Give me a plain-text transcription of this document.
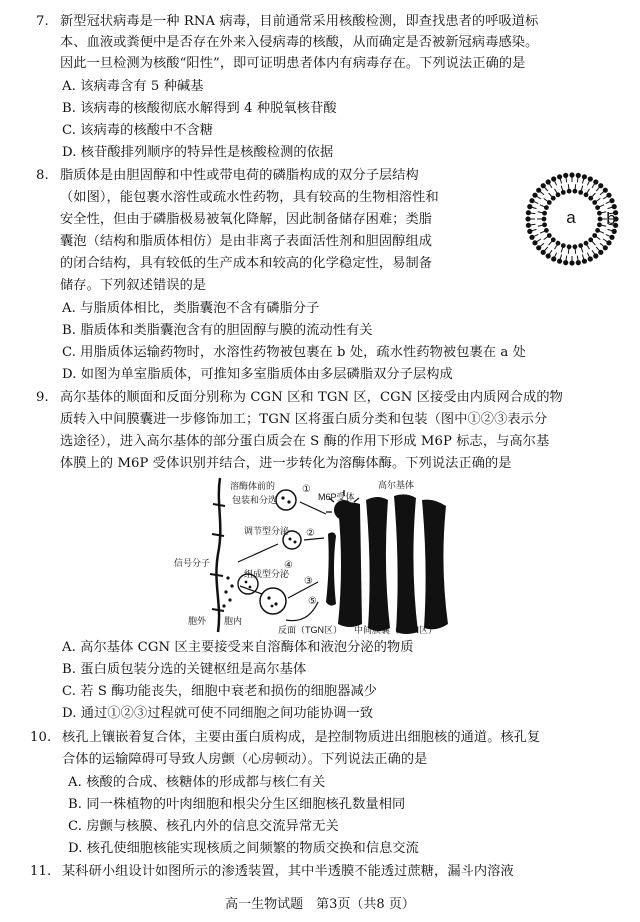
7. 新型冠状病毒是一种 RNA 病毒，目前通常采用核酸检测，即查找患者的呼吸道标
本、血液或粪便中是否存在外来入侵病毒的核酸，从而确定是否被新冠病毒感染。
因此一旦检测为核酸“阳性”，即可证明患者体内有病毒存在。下列说法正确的是
A. 该病毒含有 5 种碱基
B. 该病毒的核酸彻底水解得到 4 种脱氧核苷酸
C. 该病毒的核酸中不含糖
D. 核苷酸排列顺序的特异性是核酸检测的依据
8. 脂质体是由胆固醇和中性或带电荷的磷脂构成的双分子层结构
（如图），能包裹水溶性或疏水性药物，具有较高的生物相溶性和
安全性，但由于磷脂极易被氧化降解，因此制备储存困难；类脂
囊泡（结构和脂质体相仿）是由非离子表面活性剂和胆固醇组成
的闭合结构，具有较低的生产成本和较高的化学稳定性，易制备
储存。下列叙述错误的是
a b
A. 与脂质体相比，类脂囊泡不含有磷脂分子
B. 脂质体和类脂囊泡含有的胆固醇与膜的流动性有关
C. 用脂质体运输药物时，水溶性药物被包裹在 b 处，疏水性药物被包裹在 a 处
D. 如图为单室脂质体，可推知多室脂质体由多层磷脂双分子层构成
9. 高尔基体的顺面和反面分别称为 CGN 区和 TGN 区，CGN 区接受由内质网合成的物
质转入中间膜囊进一步修饰加工；TGN 区将蛋白质分类和包装（图中①②③表示分
选途径），进入高尔基体的部分蛋白质会在 S 酶的作用下形成 M6P 标志，与高尔基
体膜上的 M6P 受体识别并结合，进一步转化为溶酶体酶。下列说法正确的是
溶酶体前的
包装和分选	M6P受体
高尔基体
调节型分泌
信号分子
组成型分泌
胞外 胞内
①
②
③
④
⑤
反面（TGN区） 中间膜囊（CGN区）
A. 高尔基体 CGN 区主要接受来自溶酶体和液泡分泌的物质
B. 蛋白质包装分选的关键枢纽是高尔基体
C. 若 S 酶功能丧失，细胞中衰老和损伤的细胞器减少
D. 通过①②③过程就可使不同细胞之间功能协调一致
10. 核孔上镶嵌着复合体，主要由蛋白质构成，是控制物质进出细胞核的通道。核孔复
合体的运输障碍可导致人房颤（心房顿动）。下列说法正确的是
A. 核酸的合成、核糖体的形成都与核仁有关
B. 同一株植物的叶肉细胞和根尖分生区细胞核孔数量相同
C. 房颤与核膜、核孔内外的信息交流异常无关
D. 核孔使细胞核能实现核质之间频繁的物质交换和信息交流
11. 某科研小组设计如图所示的渗透装置，其中半透膜不能透过蔗糖，漏斗内溶液
高一生物试题　第3页（共8 页）
